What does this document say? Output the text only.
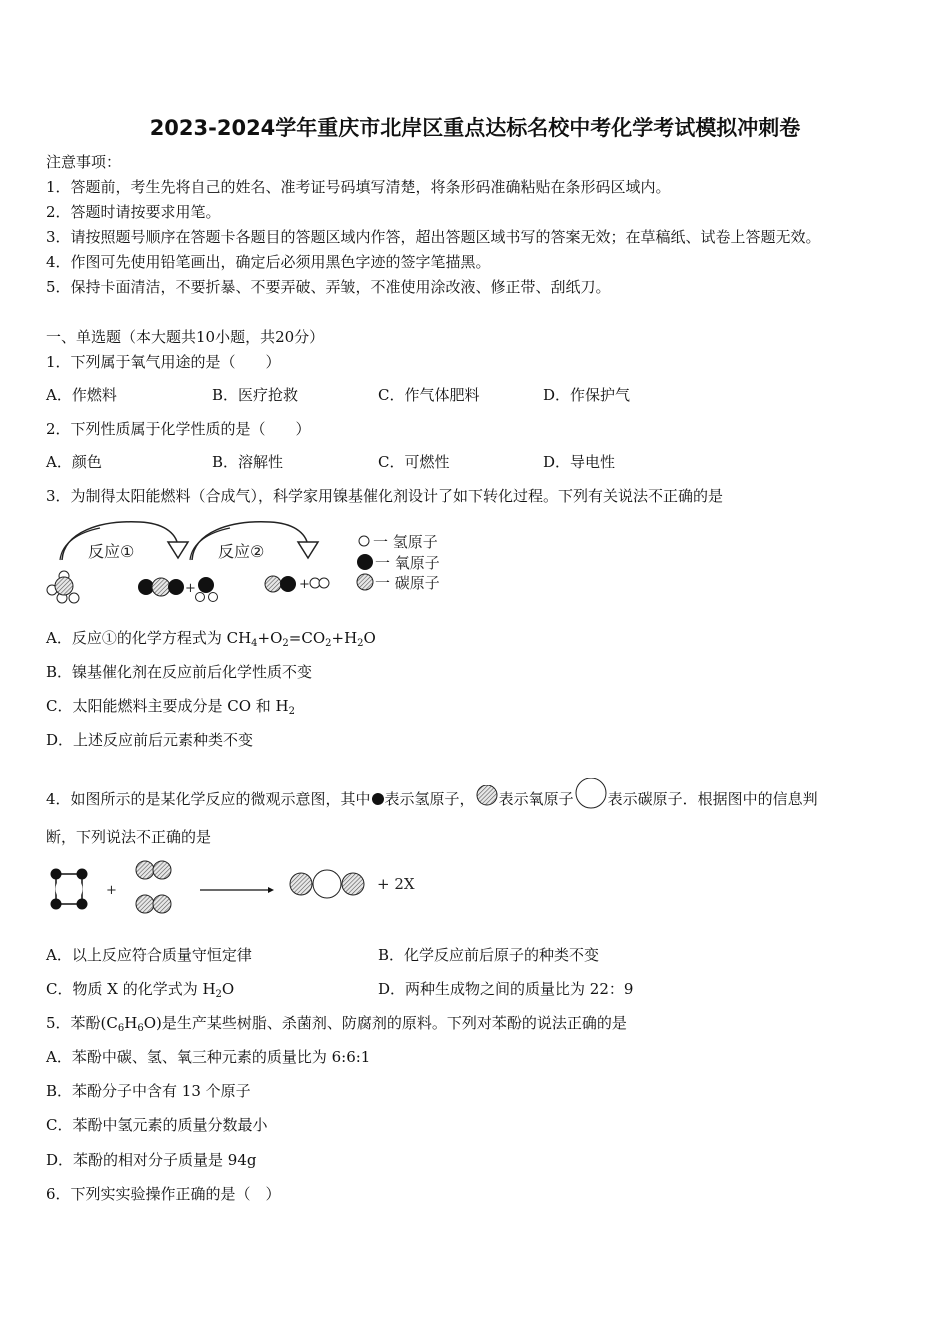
2023-2024学年重庆市北岸区重点达标名校中考化学考试模拟冲刺卷
注意事项：
1．答题前，考生先将自己的姓名、准考证号码填写清楚，将条形码准确粘贴在条形码区域内。
2．答题时请按要求用笔。
3．请按照题号顺序在答题卡各题目的答题区域内作答，超出答题区域书写的答案无效；在草稿纸、试卷上答题无效。
4．作图可先使用铅笔画出，确定后必须用黑色字迹的签字笔描黑。
5．保持卡面清洁，不要折暴、不要弄破、弄皱，不准使用涂改液、修正带、刮纸刀。
一、单选题（本大题共10小题，共20分）
1．下列属于氧气用途的是（　　）
A．作燃料	B．医疗抢救	C．作气体肥料	D．作保护气
2．下列性质属于化学性质的是（　　）
A．颜色	B．溶解性	C．可燃性	D．导电性
3．为制得太阳能燃料（合成气），科学家用镍基催化剂设计了如下转化过程。下列有关说法不正确的是
反应①	反应②
+	+
一 氢原子
一 氧原子
一 碳原子
A．反应①的化学方程式为 $CH_4+O_2=CO_2+H_2O$
B．镍基催化剂在反应前后化学性质不变
C．太阳能燃料主要成分是 CO 和 $H_2$
D．上述反应前后元素种类不变
4．如图所示的是某化学反应的微观示意图，其中 表示氢原子， 表示氧原子 表示碳原子．根据图中的信息判
断，下列说法不正确的是
+	+ 2X
A．以上反应符合质量守恒定律	B．化学反应前后原子的种类不变
C．物质 X 的化学式为 $H_2O$	D．两种生成物之间的质量比为 22：9
5．苯酚$(C_6H_6O)$是生产某些树脂、杀菌剂、防腐剂的原料。下列对苯酚的说法正确的是
A．苯酚中碳、氢、氧三种元素的质量比为 6:6:1
B．苯酚分子中含有 13 个原子
C．苯酚中氢元素的质量分数最小
D．苯酚的相对分子质量是 94g
6．下列实实验操作正确的是（　）
